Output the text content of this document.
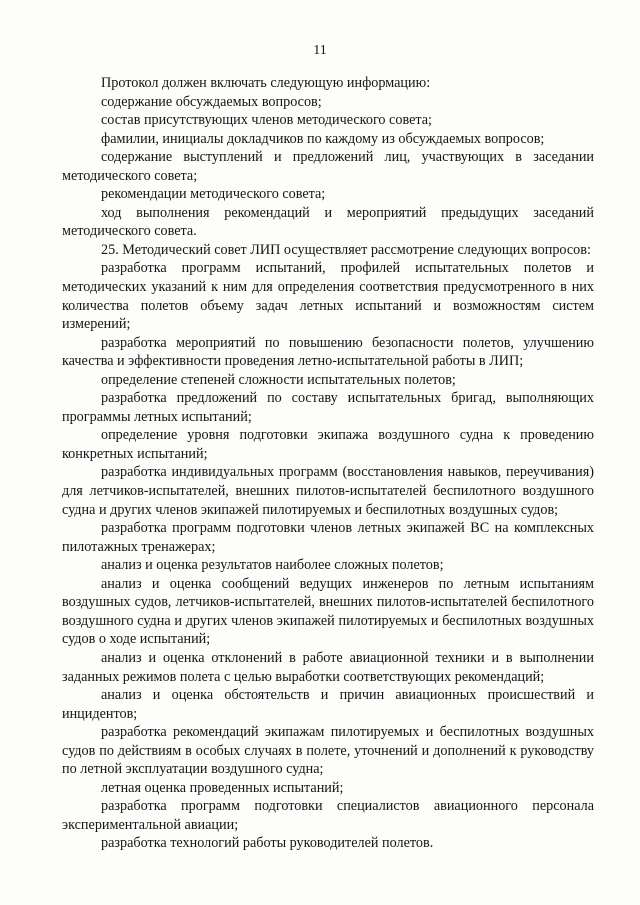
11

Протокол должен включать следующую информацию:

содержание обсуждаемых вопросов;

состав присутствующих членов методического совета;

фамилии, инициалы докладчиков по каждому из обсуждаемых вопросов;

содержание выступлений и предложений лиц, участвующих в заседании методического совета;

рекомендации методического совета;

ход выполнения рекомендаций и мероприятий предыдущих заседаний методического совета.

25. Методический совет ЛИП осуществляет рассмотрение следующих вопросов:

разработка программ испытаний, профилей испытательных полетов и методических указаний к ним для определения соответствия предусмотренного в них количества полетов объему задач летных испытаний и возможностям систем измерений;

разработка мероприятий по повышению безопасности полетов, улучшению качества и эффективности проведения летно-испытательной работы в ЛИП;

определение степеней сложности испытательных полетов;

разработка предложений по составу испытательных бригад, выполняющих программы летных испытаний;

определение уровня подготовки экипажа воздушного судна к проведению конкретных испытаний;

разработка индивидуальных программ (восстановления навыков, переучивания) для летчиков-испытателей, внешних пилотов-испытателей беспилотного воздушного судна и других членов экипажей пилотируемых и беспилотных воздушных судов;

разработка программ подготовки членов летных экипажей ВС на комплексных пилотажных тренажерах;

анализ и оценка результатов наиболее сложных полетов;

анализ и оценка сообщений ведущих инженеров по летным испытаниям воздушных судов, летчиков-испытателей, внешних пилотов-испытателей беспилотного воздушного судна и других членов экипажей пилотируемых и беспилотных воздушных судов о ходе испытаний;

анализ и оценка отклонений в работе авиационной техники и в выполнении заданных режимов полета с целью выработки соответствующих рекомендаций;

анализ и оценка обстоятельств и причин авиационных происшествий и инцидентов;

разработка рекомендаций экипажам пилотируемых и беспилотных воздушных судов по действиям в особых случаях в полете, уточнений и дополнений к руководству по летной эксплуатации воздушного судна;

летная оценка проведенных испытаний;

разработка программ подготовки специалистов авиационного персонала экспериментальной авиации;

разработка технологий работы руководителей полетов.
